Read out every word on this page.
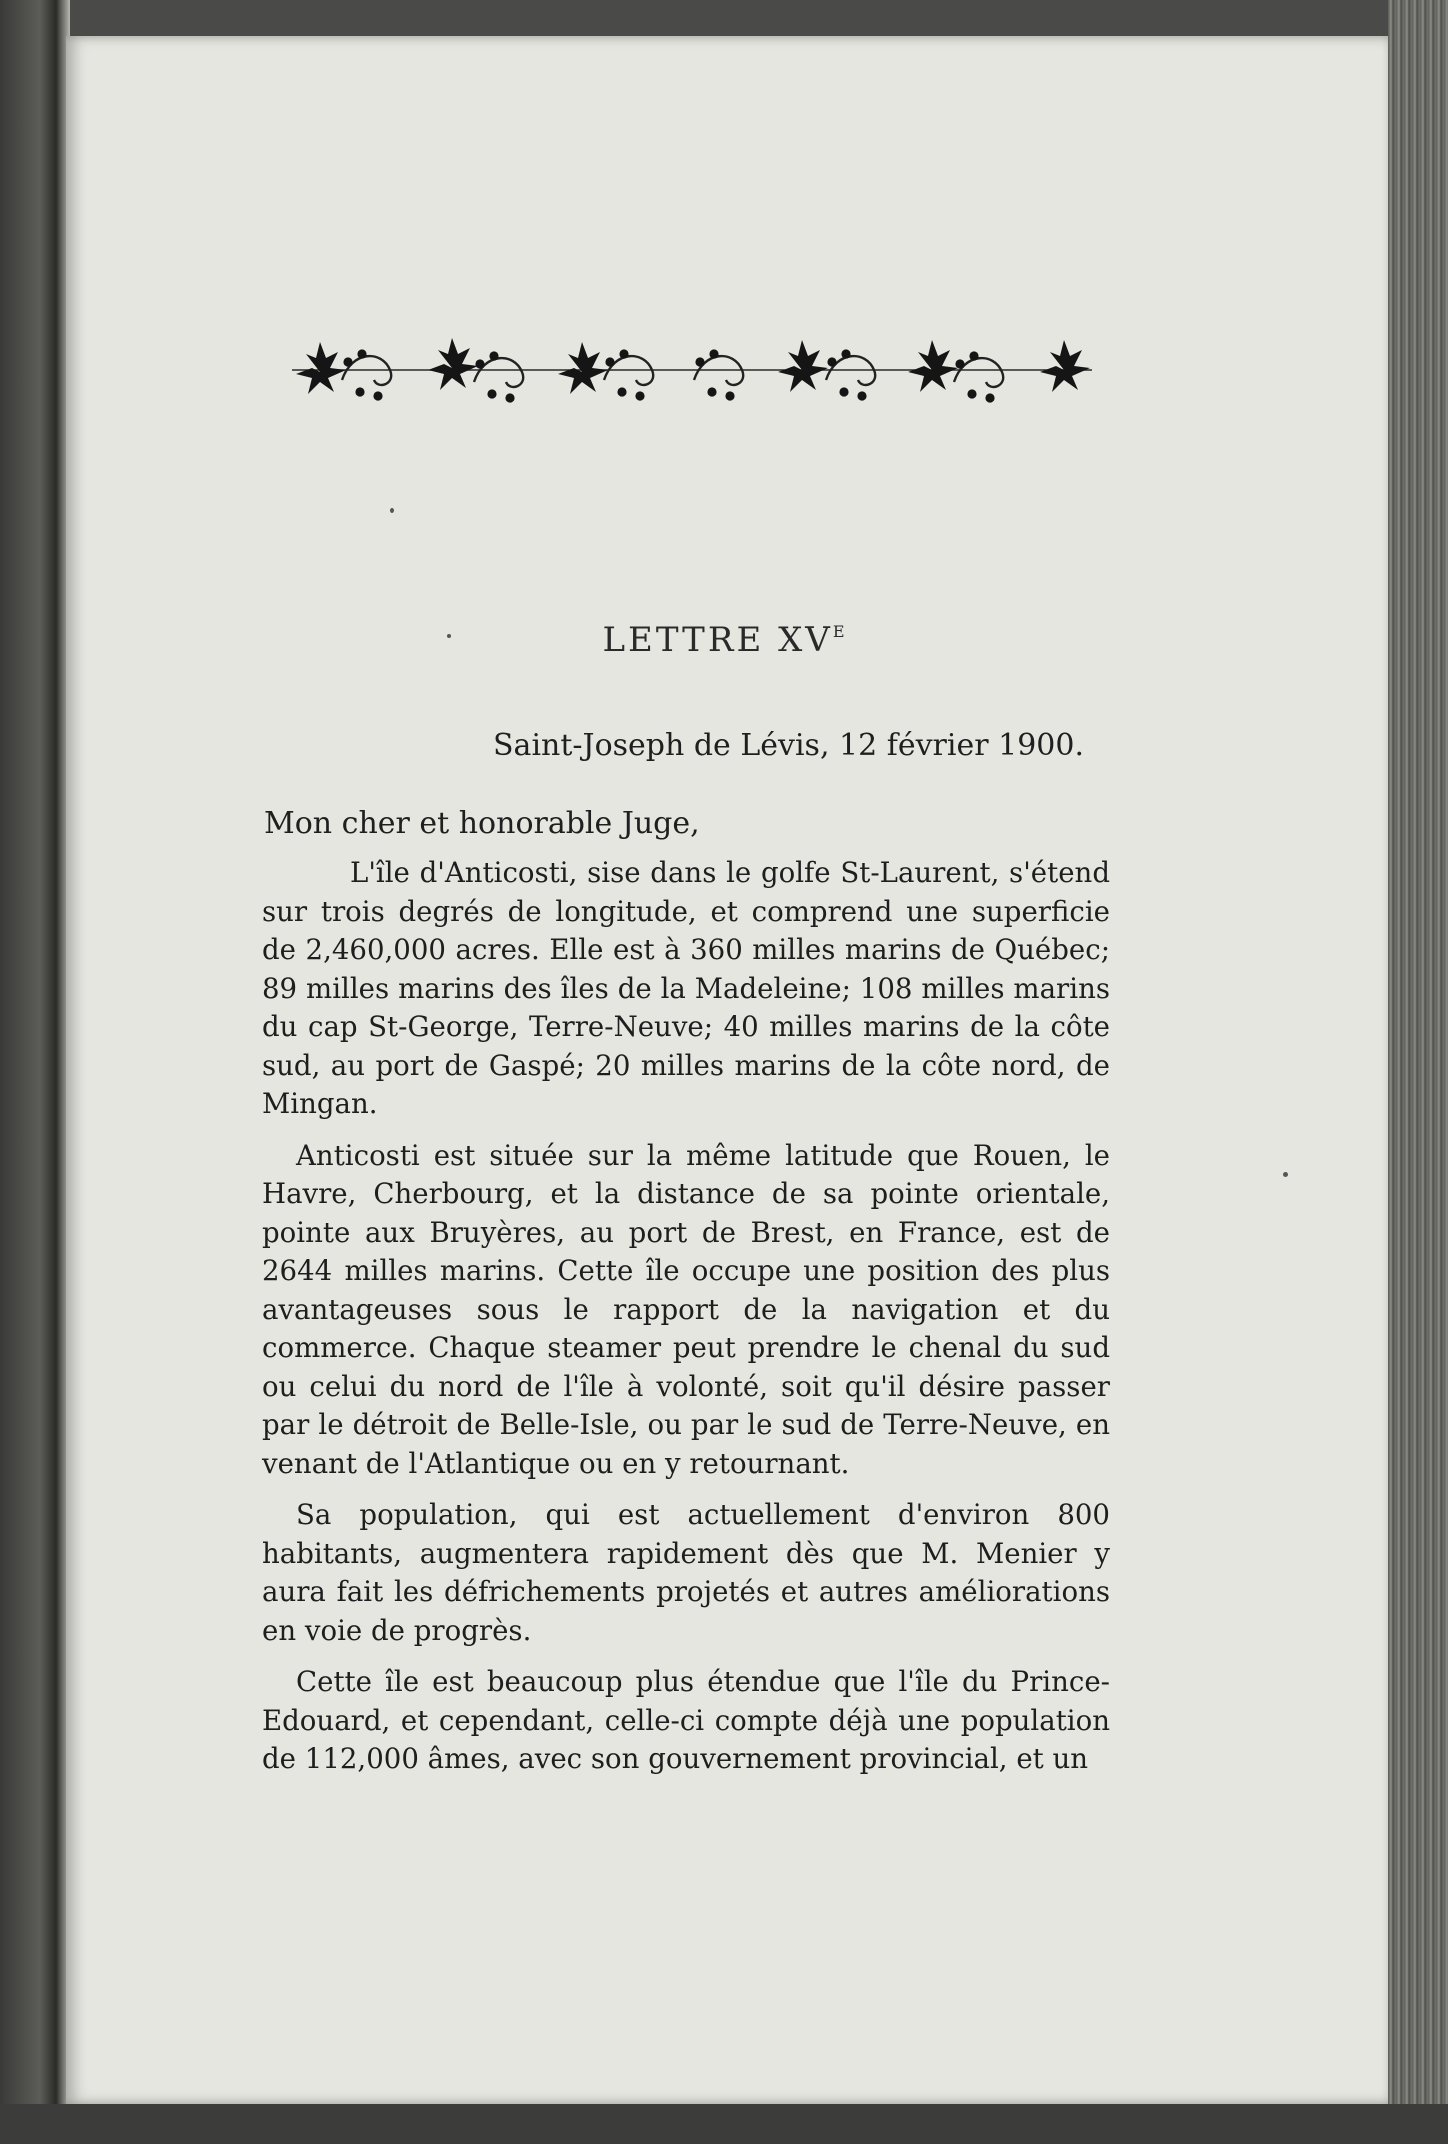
LETTRE $XV^E$
Saint-Joseph de Lévis, 12 février 1900.
Mon cher et honorable Juge,

L'île d'Anticosti, sise dans le golfe St-Laurent, s'étend sur trois degrés de longitude, et comprend une superficie de 2,460,000 acres. Elle est à 360 milles marins de Québec; 89 milles marins des îles de la Madeleine; 108 milles marins du cap St-George, Terre-Neuve; 40 milles marins de la côte sud, au port de Gaspé; 20 milles marins de la côte nord, de Mingan.

Anticosti est située sur la même latitude que Rouen, le Havre, Cherbourg, et la distance de sa pointe orientale, pointe aux Bruyères, au port de Brest, en France, est de 2644 milles marins. Cette île occupe une position des plus avantageuses sous le rapport de la navigation et du commerce. Chaque steamer peut prendre le chenal du sud ou celui du nord de l'île à volonté, soit qu'il désire passer par le détroit de Belle-Isle, ou par le sud de Terre-Neuve, en venant de l'Atlantique ou en y retournant.

Sa population, qui est actuellement d'environ 800 habitants, augmentera rapidement dès que M. Menier y aura fait les défrichements projetés et autres améliorations en voie de progrès.

Cette île est beaucoup plus étendue que l'île du Prince-Edouard, et cependant, celle-ci compte déjà une population de 112,000 âmes, avec son gouvernement provincial, et un
